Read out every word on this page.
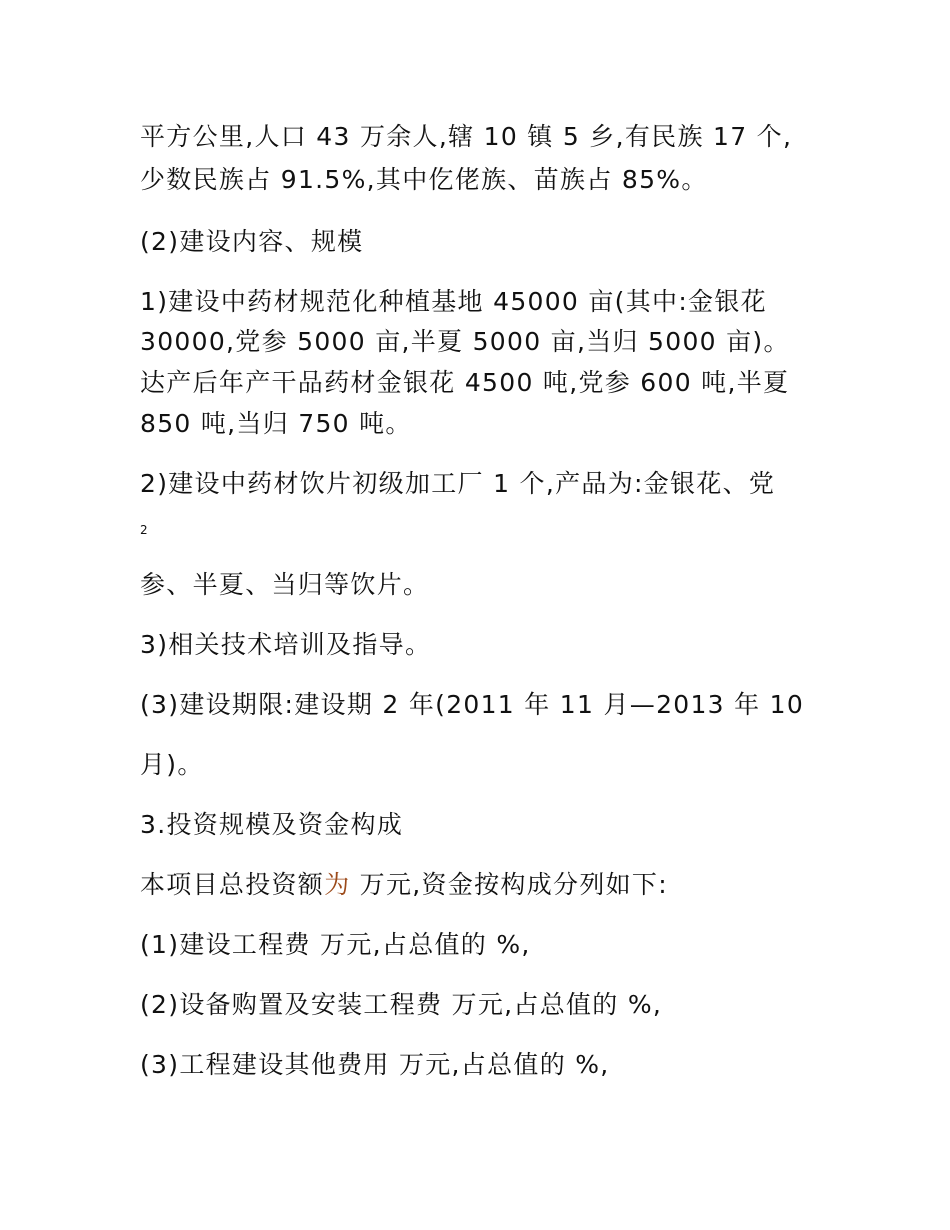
平方公里,人口 43 万余人,辖 10 镇 5 乡,有民族 17 个,

少数民族占 91.5%,其中仡佬族、苗族占 85%。

(2)建设内容、规模

1)建设中药材规范化种植基地 45000 亩(其中:金银花

30000,党参 5000 亩,半夏 5000 亩,当归 5000 亩)。

达产后年产干品药材金银花 4500 吨,党参 600 吨,半夏

850 吨,当归 750 吨。

2)建设中药材饮片初级加工厂 1 个,产品为:金银花、党

2

参、半夏、当归等饮片。

3)相关技术培训及指导。

(3)建设期限:建设期 2 年(2011 年 11 月—2013 年 10

月)。

3.投资规模及资金构成

本项目总投资额为 万元,资金按构成分列如下:

(1)建设工程费 万元,占总值的 %,

(2)设备购置及安装工程费 万元,占总值的 %,

(3)工程建设其他费用 万元,占总值的 %,
